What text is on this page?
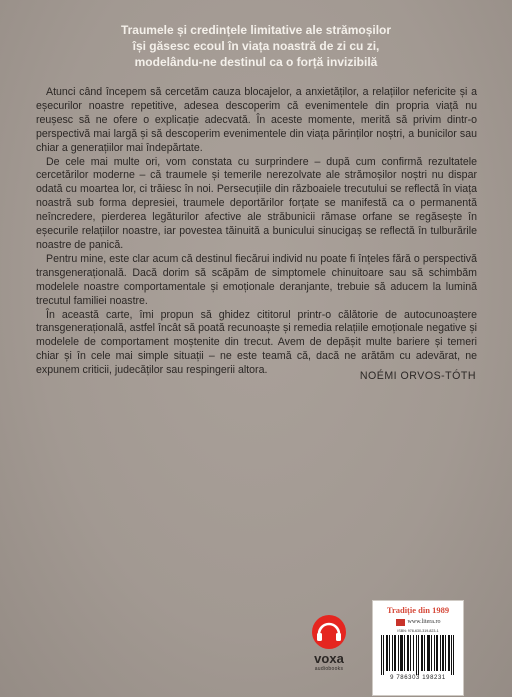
Traumele și credințele limitative ale strămoșilor
își găsesc ecoul în viața noastră de zi cu zi,
modelându-ne destinul ca o forță invizibilă

Atunci când începem să cercetăm cauza blocajelor, a anxietăților, a relațiilor nefericite și a eșecurilor noastre repetitive, adesea descoperim că evenimentele din propria viață nu reușesc să ne ofere o explicație adecvată. În aceste momente, merită să privim dintr-o perspectivă mai largă și să descoperim evenimentele din viața părinților noștri, a bunicilor sau chiar a generațiilor mai îndepărtate.

De cele mai multe ori, vom constata cu surprindere – după cum confirmă rezultatele cercetărilor moderne – că traumele și temerile nerezolvate ale strămoșilor noștri nu dispar odată cu moartea lor, ci trăiesc în noi. Persecuțiile din războaiele trecutului se reflectă în viața noastră sub forma depresiei, traumele deportărilor forțate se manifestă ca o permanentă neîncredere, pierderea legăturilor afective ale străbunicii rămase orfane se regăsește în eșecurile relațiilor noastre, iar povestea tăinuită a bunicului sinucigaș se reflectă în tulburările noastre de panică.

Pentru mine, este clar acum că destinul fiecărui individ nu poate fi înțeles fără o perspectivă transgenerațională. Dacă dorim să scăpăm de simptomele chinuitoare sau să schimbăm modelele noastre comportamentale și emoționale deranjante, trebuie să aducem la lumină trecutul familiei noastre.

În această carte, îmi propun să ghidez cititorul printr-o călătorie de autocunoaștere transgenerațională, astfel încât să poată recunoaște și remedia relațiile emoționale negative și modelele de comportament moștenite din trecut. Avem de depășit multe bariere și temeri chiar și în cele mai simple situații – ne este teamă că, dacă ne arătăm cu adevărat, ne expunem criticii, judecăților sau respingerii altora.	NOÉMI ORVOS-TÓTH
voxa
audiobooks
Tradiție din 1989
www.litera.ro
ISBN: 978-630-319-823-1
9 786303 198231
